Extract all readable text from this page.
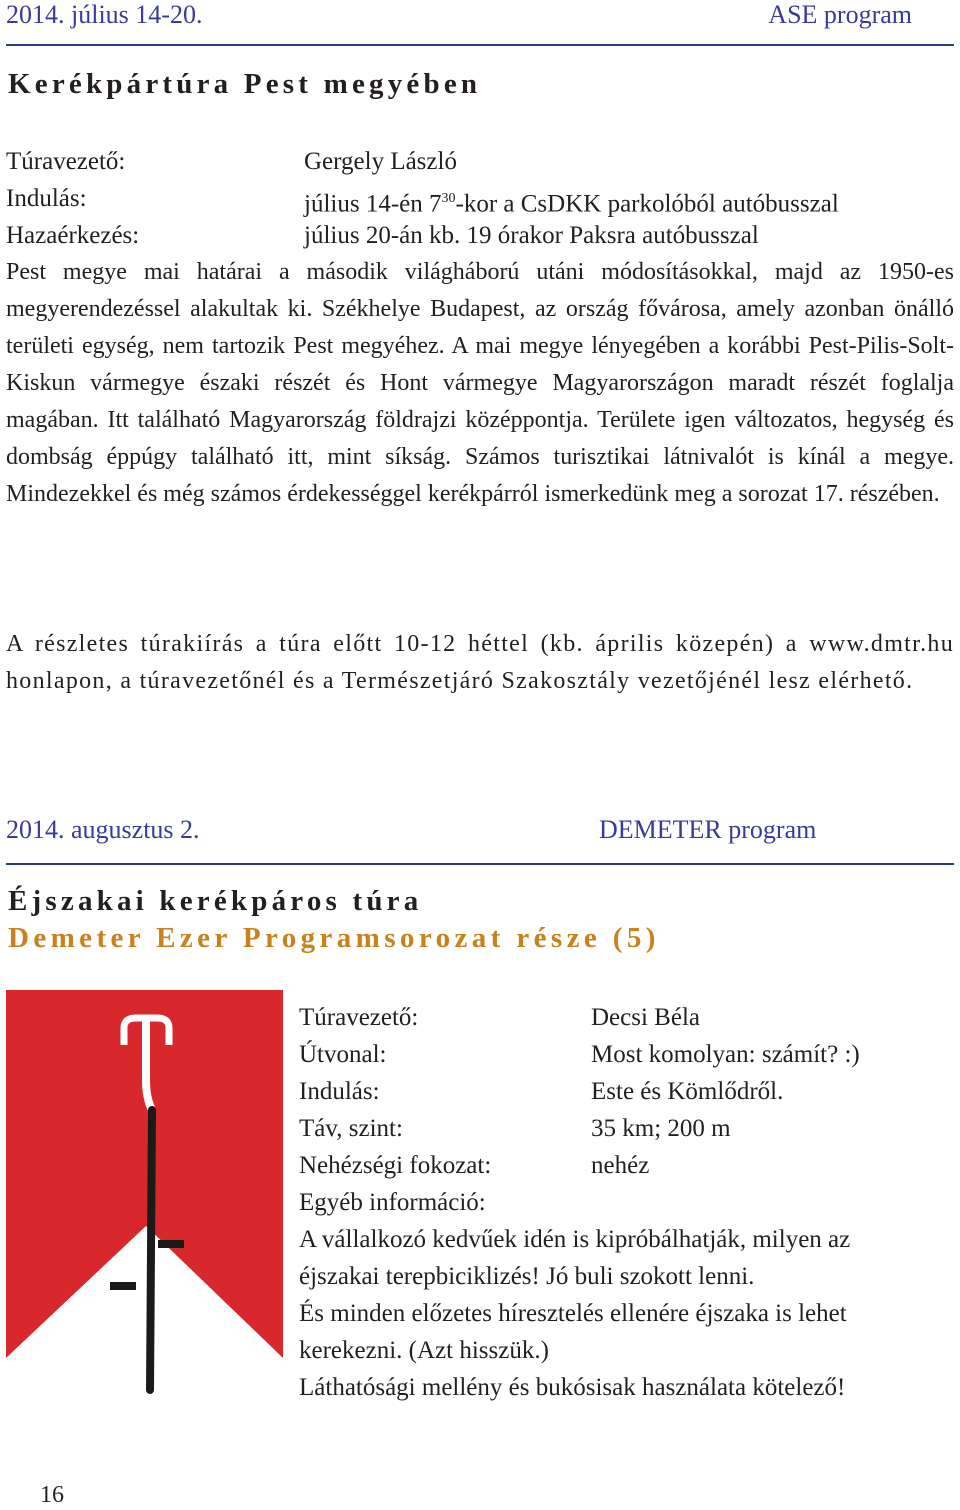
2014. július 14-20.	ASE program
Kerékpártúra Pest megyében
Túravezető:	Gergely László
Indulás:	július 14-én $7^{30}$-kor a CsDKK parkolóból autóbusszal
Hazaérkezés:	július 20-án kb. 19 órakor Paksra autóbusszal
Pest megye mai határai a második világháború utáni módosításokkal, majd az 1950-es megyerendezéssel alakultak ki. Székhelye Budapest, az ország fővárosa, amely azonban önálló területi egység, nem tartozik Pest megyéhez. A mai megye lényegében a korábbi Pest-Pilis-Solt-Kiskun vármegye északi részét és Hont vármegye Magyarországon maradt részét foglalja magában. Itt található Magyarország földrajzi középpontja. Területe igen változatos, hegység és dombság éppúgy található itt, mint síkság. Számos turisztikai látnivalót is kínál a megye. Mindezekkel és még számos érdekességgel kerékpárról ismerkedünk meg a sorozat 17. részében.
A részletes túrakiírás a túra előtt 10-12 héttel (kb. április közepén) a www.dmtr.hu honlapon, a túravezetőnél és a Természetjáró Szakosztály vezetőjénél lesz elérhető.
2014. augusztus 2.	DEMETER program
Éjszakai kerékpáros túra
Demeter Ezer Programsorozat része (5)
Túravezető:	Decsi Béla
Útvonal:	Most komolyan: számít? :)
Indulás:	Este és Kömlődről.
Táv, szint:	35 km; 200 m
Nehézségi fokozat:	nehéz
Egyéb információ:
A vállalkozó kedvűek idén is kipróbálhatják, milyen az
éjszakai terepbiciklizés! Jó buli szokott lenni.
És minden előzetes híresztelés ellenére éjszaka is lehet
kerekezni. (Azt hisszük.)
Láthatósági mellény és bukósisak használata kötelező!
16
